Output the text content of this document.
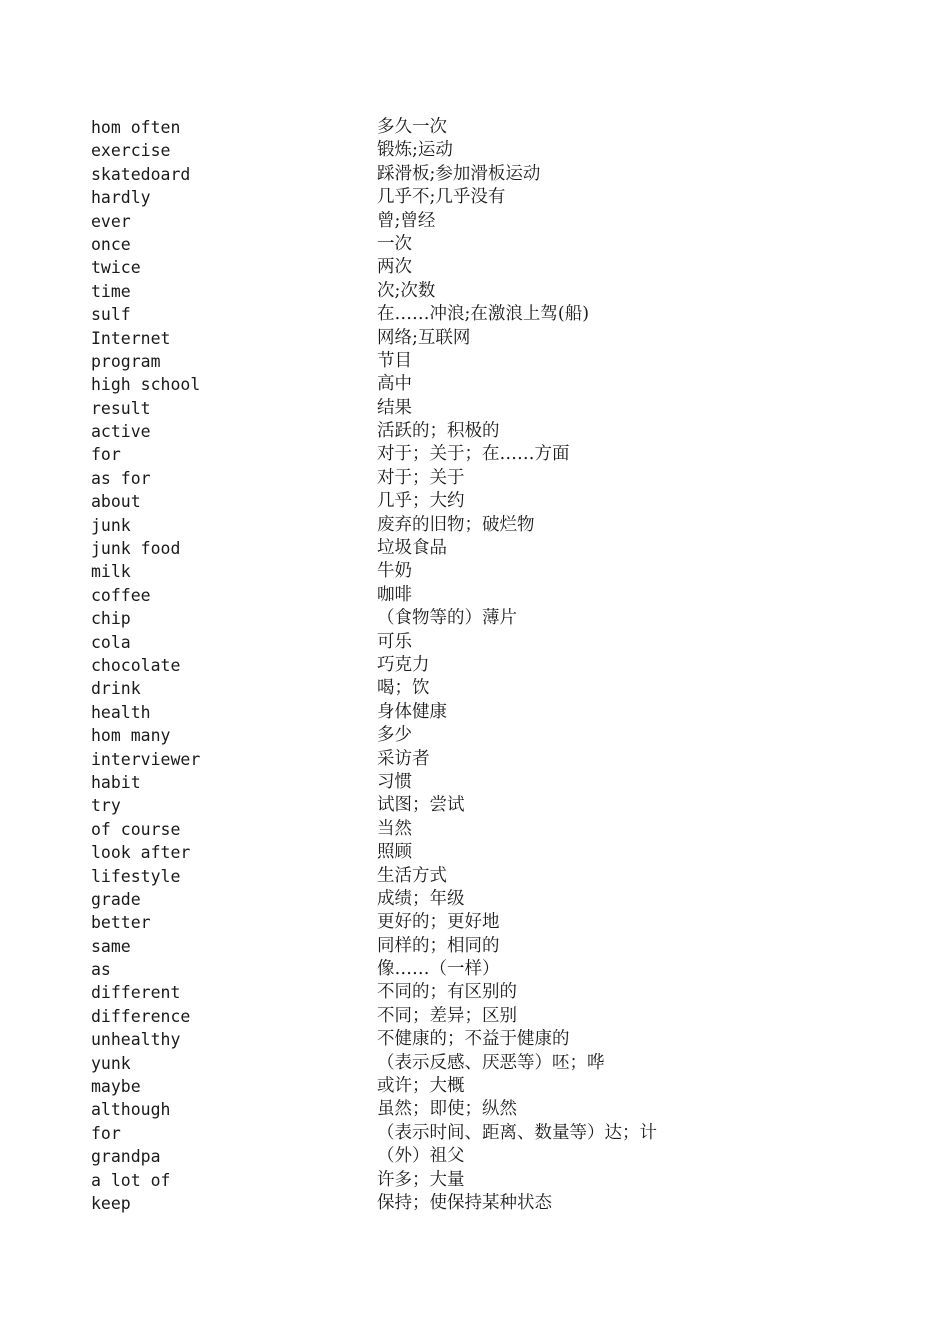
hom often	多久一次
exercise	锻炼;运动
skatedoard	踩滑板;参加滑板运动
hardly	几乎不;几乎没有
ever	曾;曾经
once	一次
twice	两次
time	次;次数
sulf	在……冲浪;在激浪上驾(船)
Internet	网络;互联网
program	节目
high school	高中
result	结果
active	活跃的；积极的
for	对于；关于；在……方面
as for	对于；关于
about	几乎；大约
junk	废弃的旧物；破烂物
junk food	垃圾食品
milk	牛奶
coffee	咖啡
chip	（食物等的）薄片
cola	可乐
chocolate	巧克力
drink	喝；饮
health	身体健康
hom many	多少
interviewer	采访者
habit	习惯
try	试图；尝试
of course	当然
look after	照顾
lifestyle	生活方式
grade	成绩；年级
better	更好的；更好地
same	同样的；相同的
as	像……（一样）
different	不同的；有区别的
difference	不同；差异；区别
unhealthy	不健康的；不益于健康的
yunk	（表示反感、厌恶等）呸；哗
maybe	或许；大概
although	虽然；即使；纵然
for	（表示时间、距离、数量等）达；计
grandpa	（外）祖父
a lot of	许多；大量
keep	保持；使保持某种状态
